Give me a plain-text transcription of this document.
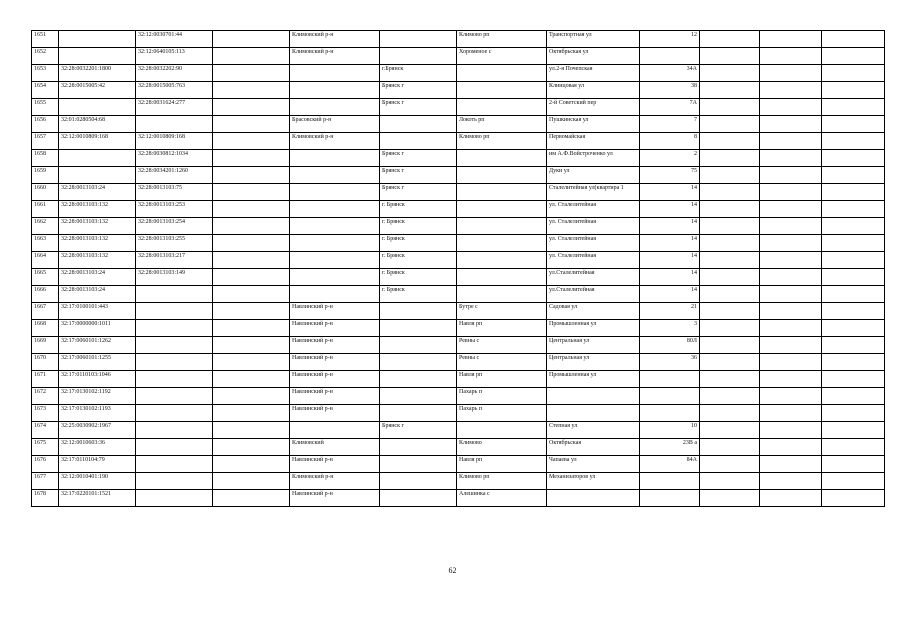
1651		32:12:0030701:44		Климовский р-н		Климово рп	Транспортная ул	12			
1652		32:12:0640105:113		Климовский р-н		Хороменое с	Октябрьская ул				
1653	32:28:0032201:1800	32:28:0032202:90			г.Брянск		ул.2-я Почепская	34А			
1654	32:28:0015005:42	32:28:0015005:763			Брянск г		Клинцовая ул	38			
1655		32:28:0031624:277			Брянск г		2-й Советский пер	7А			
1656	32:01:0280504:68			Брасовский р-н		Локоть рп	Пушкинская ул	7			
1657	32:12:0010809:168	32:12:0010809:168		Климовский р-н		Климово рп	Первомайская	8			
1658		32:28:0030812:1034			Брянск г		им А.Ф.Войстроченко ул	2			
1659		32:28:0034201:1260			Брянск г		Дуки ул	75			
1660	32:28:0013103:24	32:28:0013103:75			Брянск г		Сталелитейная ул(квартира 1	14			
1661	32:28:0013103:132	32:28:0013103:253			г. Брянск		ул. Сталелитейная	14			
1662	32:28:0013103:132	32:28:0013103:254			г. Брянск		ул. Сталелитейная	14			
1663	32:28:0013103:132	32:28:0013103:255			г. Брянск		ул. Сталелитейная	14			
1664	32:28:0013103:132	32:28:0013103:217			г. Брянск		ул. Сталелитейная	14			
1665	32:28:0013103:24	32:28:0013103:149			г. Брянск		ул.Сталелитейная	14			
1666	32:28:0013103:24				г. Брянск		ул.Сталелитейная	14			
1667	32:17:0100101:443			Навлинский р-н		Бутре с	Садовая ул	21			
1668	32:17:0000000:1011			Навлинский р-н		Навля рп	Промышленная ул	3			
1669	32:17:0060101:1262			Навлинский р-н		Ревны с	Центральная ул	80Л			
1670	32:17:0060101:1255			Навлинский р-н		Ревны с	Центральная ул	36			
1671	32:17:0110103:1046			Навлинский р-н		Навля рп	Промышленная ул				
1672	32:17:0130102:1192			Навлинский р-н		Пахарь п					
1673	32:17:0130102:1193			Навлинский р-н		Пахарь п					
1674	32:25:0030902:1967				Брянск г		Степная ул	10			
1675	32:12:0010603:36			Климовский		Климово	Октябрьская	23В а			
1676	32:17:0110104:79			Навлинский р-н		Навля рп	Чапаева ул	84А			
1677	32:12:0010401:190			Климовский р-н		Климово рп	Механизаторов ул				
1678	32:17:0220101:1521			Навлинский р-н		Алешинка с					
62
